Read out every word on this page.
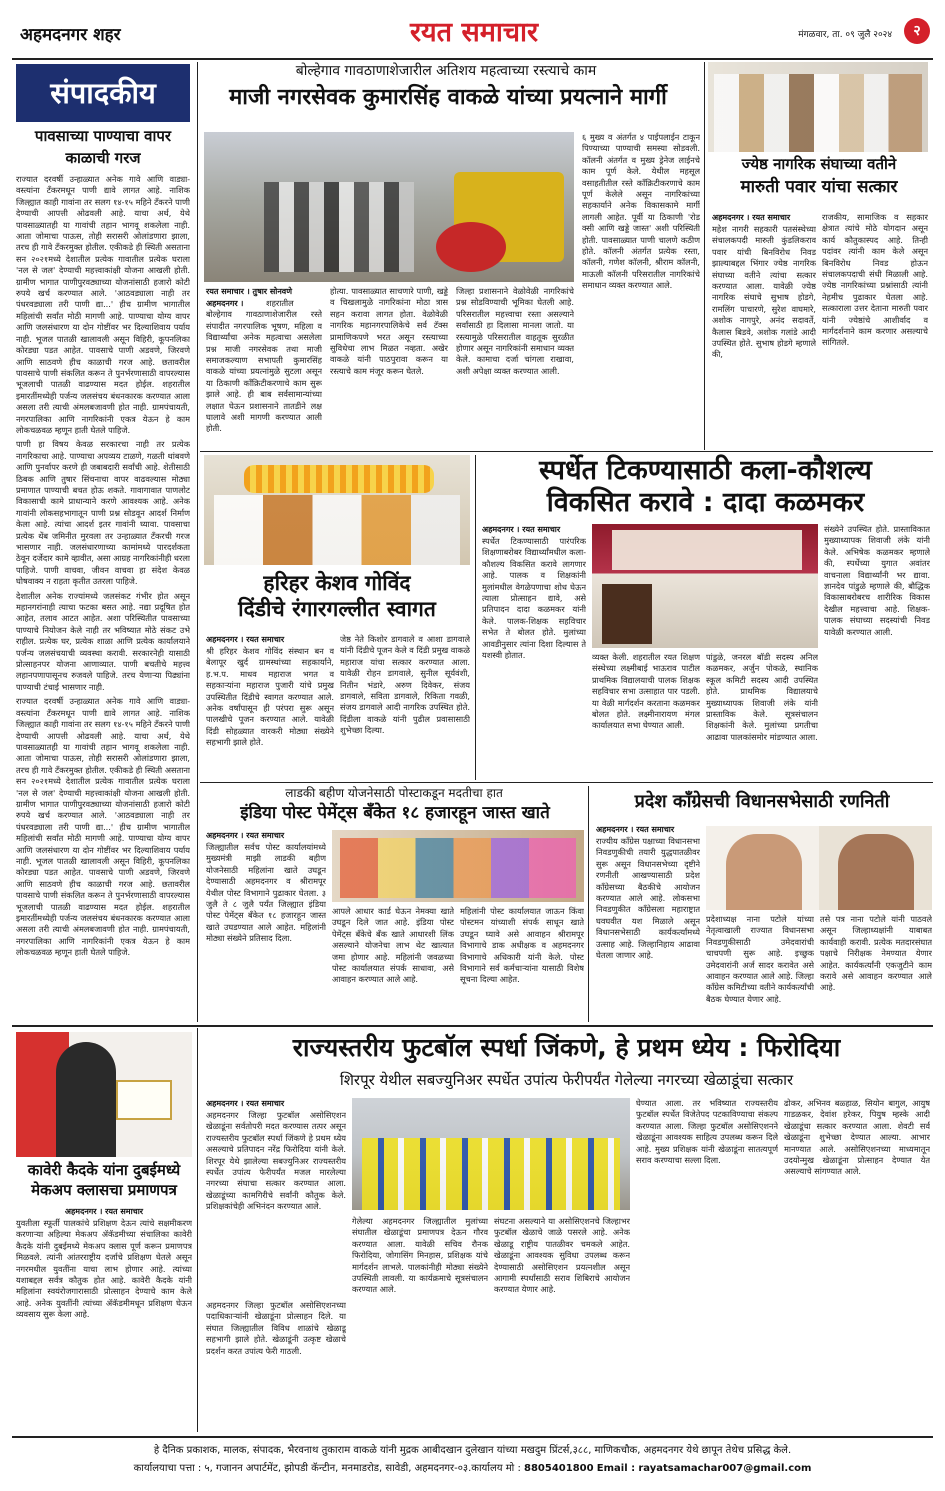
अहमदनगर शहर	रयत समाचार	मंगळवार, ता. ०९ जुलै २०२४	२
संपादकीय
पावसाच्या पाण्याचा वापर
काळाची गरज

राज्यात दरवर्षी उन्हाळ्यात अनेक गावे आणि वाड्या-वस्त्यांना टँकरमधून पाणी द्यावे लागत आहे. नाशिक जिल्ह्यात काही गावांना तर सलग १४-१५ महिने टँकरने पाणी देण्याची आपत्ती ओढवली आहे. याचा अर्थ, येथे पावसाळ्यातही या गावांची तहान भागवू शकलेला नाही. आता जोमाचा पाऊस, तोही सरासरी ओलांडणारा झाला, तरच ही गावे टँकरमुक्त होतील. एकीकडे ही स्थिती असताना सन २०२१मध्ये देशातील प्रत्येक गावातील प्रत्येक घराला 'नल से जल' देण्याची महत्त्वाकांक्षी योजना आखली होती. ग्रामीण भागात पाणीपुरवठ्याच्या योजनांसाठी हजारो कोटी रुपये खर्च करण्यात आले. 'आठवड्याला नाही तर पंधरवड्याला तरी पाणी द्या...' हीच ग्रामीण भागातील महिलांची सर्वांत मोठी मागणी आहे. पाण्याचा योग्य वापर आणि जलसंधारण या दोन गोष्टींवर भर दिल्याशिवाय पर्याय नाही. भूजल पातळी खालावली असून विहिरी, कूपनलिका कोरड्या पडत आहेत. पावसाचे पाणी अडवणे, जिरवणे आणि साठवणे हीच काळाची गरज आहे. छतावरील पावसाचे पाणी संकलित करून ते पुनर्भरणासाठी वापरल्यास भूजलाची पातळी वाढण्यास मदत होईल. शहरातील इमारतींमध्येही पर्जन्य जलसंचय बंधनकारक करण्यात आला असला तरी त्याची अंमलबजावणी होत नाही. ग्रामपंचायती, नगरपालिका आणि नागरिकांनी एकत्र येऊन हे काम लोकचळवळ म्हणून हाती घेतले पाहिजे.

पाणी हा विषय केवळ सरकारचा नाही तर प्रत्येक नागरिकाचा आहे. पाण्याचा अपव्यय टाळणे, गळती थांबवणे आणि पुनर्वापर करणे ही जबाबदारी सर्वांची आहे. शेतीसाठी ठिबक आणि तुषार सिंचनाचा वापर वाढवल्यास मोठ्या प्रमाणात पाण्याची बचत होऊ शकते. गावागावात पाणलोट विकासाची कामे प्राधान्याने करणे आवश्यक आहे. अनेक गावांनी लोकसहभागातून पाणी प्रश्न सोडवून आदर्श निर्माण केला आहे. त्यांचा आदर्श इतर गावांनी घ्यावा. पावसाचा प्रत्येक थेंब जमिनीत मुरवला तर उन्हाळ्यात टँकरची गरज भासणार नाही. जलसंधारणाच्या कामांमध्ये पारदर्शकता ठेवून दर्जेदार कामे व्हावीत, असा आग्रह नागरिकांनीही धरला पाहिजे. पाणी वाचवा, जीवन वाचवा हा संदेश केवळ घोषवाक्य न राहता कृतीत उतरला पाहिजे.

देशातील अनेक राज्यांमध्ये जलसंकट गंभीर होत असून महानगरांनाही त्याचा फटका बसत आहे. नद्या प्रदूषित होत आहेत, तलाव आटत आहेत. अशा परिस्थितीत पावसाच्या पाण्याचे नियोजन केले नाही तर भविष्यात मोठे संकट उभे राहील. प्रत्येक घर, प्रत्येक शाळा आणि प्रत्येक कार्यालयाने पर्जन्य जलसंचयाची व्यवस्था करावी. सरकारनेही यासाठी प्रोत्साहनपर योजना आणाव्यात. पाणी बचतीचे महत्त्व लहानपणापासूनच रुजवले पाहिजे. तरच येणाऱ्या पिढ्यांना पाण्याची टंचाई भासणार नाही.

राज्यात दरवर्षी उन्हाळ्यात अनेक गावे आणि वाड्या-वस्त्यांना टँकरमधून पाणी द्यावे लागत आहे. नाशिक जिल्ह्यात काही गावांना तर सलग १४-१५ महिने टँकरने पाणी देण्याची आपत्ती ओढवली आहे. याचा अर्थ, येथे पावसाळ्यातही या गावांची तहान भागवू शकलेला नाही. आता जोमाचा पाऊस, तोही सरासरी ओलांडणारा झाला, तरच ही गावे टँकरमुक्त होतील. एकीकडे ही स्थिती असताना सन २०२१मध्ये देशातील प्रत्येक गावातील प्रत्येक घराला 'नल से जल' देण्याची महत्त्वाकांक्षी योजना आखली होती. ग्रामीण भागात पाणीपुरवठ्याच्या योजनांसाठी हजारो कोटी रुपये खर्च करण्यात आले. 'आठवड्याला नाही तर पंधरवड्याला तरी पाणी द्या...' हीच ग्रामीण भागातील महिलांची सर्वांत मोठी मागणी आहे. पाण्याचा योग्य वापर आणि जलसंधारण या दोन गोष्टींवर भर दिल्याशिवाय पर्याय नाही. भूजल पातळी खालावली असून विहिरी, कूपनलिका कोरड्या पडत आहेत. पावसाचे पाणी अडवणे, जिरवणे आणि साठवणे हीच काळाची गरज आहे. छतावरील पावसाचे पाणी संकलित करून ते पुनर्भरणासाठी वापरल्यास भूजलाची पातळी वाढण्यास मदत होईल. शहरातील इमारतींमध्येही पर्जन्य जलसंचय बंधनकारक करण्यात आला असला तरी त्याची अंमलबजावणी होत नाही. ग्रामपंचायती, नगरपालिका आणि नागरिकांनी एकत्र येऊन हे काम लोकचळवळ म्हणून हाती घेतले पाहिजे.

बोल्हेगाव गावठाणाशेजारील अतिशय महत्वाच्या रस्त्याचे काम
माजी नगरसेवक कुमारसिंह वाकळे यांच्या प्रयत्नाने मार्गी
रयत समाचार । तुषार सोनवणे
अहमदनगर ।	शहरातील बोल्हेगाव गावठाणाशेजारील रस्ते संपादीत नगरपालिक भूषण, महिला व विद्यार्थ्यांचा अनेक महत्वाचा असलेला प्रश्न माजी नगरसेवक तथा माजी समाजकल्याण सभापती कुमारसिंह वाकळे यांच्या प्रयत्नांमुळे सुटला असून या ठिकाणी काँक्रिटीकरणाचे काम सुरू झाले आहे. ही बाब सर्वसामान्यांच्या लक्षात घेऊन प्रशासनाने तातडीने लक्ष घालावे अशी मागणी करण्यात आली होती.
होत्या. पावसाळ्यात साचणारे पाणी, खड्डे व चिखलामुळे नागरिकांना मोठा त्रास सहन करावा लागत होता. वेळोवेळी नागरिक महानगरपालिकेचे सर्व टॅक्स प्रामाणिकपणे भरत असून रस्त्याच्या सुविधेचा लाभ मिळत नव्हता. अखेर वाकळे यांनी पाठपुरावा करून या रस्त्याचे काम मंजूर करून घेतले.
जिल्हा प्रशासनाने वेळोवेळी नागरिकांचे प्रश्न सोडविण्याची भूमिका घेतली आहे. परिसरातील महत्त्वाचा रस्ता असल्याने सर्वांसाठी हा दिलासा मानला जातो. या रस्त्यामुळे परिसरातील वाहतूक सुरळीत होणार असून नागरिकांनी समाधान व्यक्त केले. कामाचा दर्जा चांगला राखावा, अशी अपेक्षा व्यक्त करण्यात आली.
६ मुख्य व अंतर्गत ४ पाईपलाईन टाकून पिण्याच्या पाण्याची समस्या सोडवली. कॉलनी अंतर्गत व मुख्य ड्रेनेज लाईनचे काम पूर्ण केले. येथील महसूल वसाहतीतील रस्ते काँक्रिटीकरणाचे काम पूर्ण केलेले असून नागरिकांच्या सहकार्याने अनेक विकासकामे मार्गी लागली आहेत. पूर्वी या ठिकाणी 'रोड क्सी आणि खड्डे जास्त' अशी परिस्थिती होती. पावसाळ्यात पाणी चालणे कठीण होते. कॉलनी अंतर्गत प्रत्येक रस्ता, कॉलनी, गणेश कॉलनी, श्रीराम कॉलनी, माऊली कॉलनी परिसरातील नागरिकांचे समाधान व्यक्त करण्यात आले.
ज्येष्ठ नागरिक संघाच्या वतीने
मारुती पवार यांचा सत्कार
अहमदनगर । रयत समाचार
महेश नागरी सहकारी पतसंस्थेच्या संचालकपदी मारुती कुंडलिकराव पवार यांची बिनविरोध निवड झाल्याबद्दल भिंगार ज्येष्ठ नागरिक संघाच्या वतीने त्यांचा सत्कार करण्यात आला. यावेळी ज्येष्ठ नागरिक संघाचे सुभाष होडगे, रामलिंग पाचारणे, सुरेश वाघमारे, अशोक नागपुरे, अनंद सदावर्ते, कैलास बिडवे, अशोक गलांडे आदी उपस्थित होते. सुभाष होडगे म्हणाले की,
राजकीय, सामाजिक व सहकार क्षेत्रात त्यांचे मोठे योगदान असून कार्य कौतुकास्पद आहे. तिन्ही पदांवर त्यांनी काम केले असून बिनविरोध निवड होऊन संचालकपदाची संधी मिळाली आहे. ज्येष्ठ नागरिकांच्या प्रश्नांसाठी त्यांनी नेहमीच पुढाकार घेतला आहे. सत्काराला उत्तर देताना मारुती पवार यांनी ज्येष्ठांचे आशीर्वाद व मार्गदर्शनाने काम करणार असल्याचे सांगितले.
हरिहर केशव गोविंद
दिंडीचे रंगारगल्लीत स्वागत
अहमदनगर । रयत समाचार
श्री हरिहर केशव गोविंद संस्थान बन व बेलापूर खुर्द ग्रामस्थांच्या सहकार्याने, ह.भ.प. माधव महाराज भगत व सहकाऱ्यांना महाराज पुजारी यांचे प्रमुख उपस्थितीत दिंडीचे स्वागत करण्यात आले. अनेक वर्षांपासून ही परंपरा सुरू असून पालखीचे पूजन करण्यात आले. यावेळी दिंडी सोहळ्यात वारकरी मोठ्या संख्येने सहभागी झाले होते.
जेष्ठ नेते किशोर डागवाले व आशा डागवाले यांनी दिंडीचे पूजन केले व दिंडी प्रमुख वाकळे महाराज यांचा सत्कार करण्यात आला. यावेळी रोहन डागवाले, सुनील सूर्यवंशी, नितीन भंडारे, अरुण दिवेकर, संजय डागवाले, सविता डागवाले, रिकिता गवळी, संजय डागवाले आदी नागरिक उपस्थित होते. दिंडीला वाकळे यांनी पुढील प्रवासासाठी शुभेच्छा दिल्या.
स्पर्धेत टिकण्यासाठी कला-कौशल्य
विकसित करावे : दादा कळमकर
अहमदनगर । रयत समाचार
स्पर्धेत टिकण्यासाठी पारंपरिक शिक्षणाबरोबर विद्यार्थ्यांमधील कला-कौशल्य विकसित करावे लागणार आहे. पालक व शिक्षकांनी मुलांमधील वेगळेपणाचा शोध घेऊन त्याला प्रोत्साहन द्यावे, असे प्रतिपादन दादा कळमकर यांनी केले. पालक-शिक्षक सहविचार सभेत ते बोलत होते. मुलांच्या आवडीनुसार त्यांना दिशा दिल्यास ते यशस्वी होतात.	व्यक्त केली. शहरातील रयत शिक्षण संस्थेच्या लक्ष्मीबाई भाऊराव पाटील प्राथमिक विद्यालयाची पालक शिक्षक सहविचार सभा उत्साहात पार पडली. या वेळी मार्गदर्शन करताना कळमकर बोलत होते. लक्ष्मीनारायण मंगल कार्यालयात सभा घेण्यात आली.
पांडुळे, जनरल बॉडी सदस्य अनिल कळमकर, अर्जुन पोकळे, स्थानिक स्कूल कमिटी सदस्य आदी उपस्थित होते. प्राथमिक विद्यालयाचे मुख्याध्यापक शिवाजी लंके यांनी प्रास्ताविक केले. सूत्रसंचालन शिक्षकांनी केले. मुलांच्या प्रगतीचा आढावा पालकांसमोर मांडण्यात आला.
संख्येने उपस्थित होते. प्रास्ताविकात मुख्याध्यापक शिवाजी लंके यांनी केले. अभिषेक कळमकर म्हणाले की, स्पर्धेच्या युगात अवांतर वाचनाला विद्यार्थ्यांनी भर द्यावा. ज्ञानदेव पांडुळे म्हणाले की, बौद्धिक विकासाबरोबरच शारीरिक विकास देखील महत्त्वाचा आहे. शिक्षक-पालक संघाच्या सदस्यांची निवड यावेळी करण्यात आली.
लाडकी बहीण योजनेसाठी पोस्टाकडून मदतीचा हात
इंडिया पोस्ट पेमेंट्स बँकेत १८ हजारहून जास्त खाते
अहमदनगर । रयत समाचार
जिल्ह्यातील सर्वच पोस्ट कार्यालयांमध्ये मुख्यमंत्री माझी लाडकी बहीण योजनेसाठी महिलांना खाते उघडून देण्यासाठी अहमदनगर व श्रीरामपूर येथील पोस्ट विभागाने पुढाकार घेतला. ३ जुलै ते ८ जुलै पर्यंत जिल्ह्यात इंडिया पोस्ट पेमेंट्स बँकेत १८ हजारहून जास्त खाते उघडण्यात आले आहेत. महिलांनी मोठ्या संख्येने प्रतिसाद दिला.
आपले आधार कार्ड घेऊन नेमक्या खाते उघडून दिले जात आहे. इंडिया पोस्ट पेमेंट्स बँकेचे बँक खाते आधारशी लिंक असल्याने योजनेचा लाभ थेट खात्यात जमा होणार आहे. महिलांनी जवळच्या पोस्ट कार्यालयात संपर्क साधावा, असे आवाहन करण्यात आले आहे.
महिलांनी पोस्ट कार्यालयात जाऊन किंवा पोस्टमन यांच्याशी संपर्क साधून खाते उघडून घ्यावे असे आवाहन श्रीरामपूर विभागाचे डाक अधीक्षक व अहमदनगर विभागाचे अधिकारी यांनी केले. पोस्ट विभागाने सर्व कर्मचाऱ्यांना यासाठी विशेष सूचना दिल्या आहेत.
प्रदेश काँग्रेसची विधानसभेसाठी रणनिती
अहमदनगर । रयत समाचार
राज्यीय काँग्रेस पक्षाच्या विधानसभा निवडणुकीची तयारी युद्धपातळीवर सुरू असून विधानसभेच्या दृष्टीने रणनीती आखण्यासाठी प्रदेश काँग्रेसच्या बैठकीचे आयोजन करण्यात आले आहे. लोकसभा निवडणुकीत काँग्रेसला महाराष्ट्रात घवघवीत यश मिळाले असून विधानसभेसाठी कार्यकर्त्यांमध्ये उत्साह आहे. जिल्हानिहाय आढावा घेतला जाणार आहे.
प्रदेशाध्यक्ष नाना पटोले यांच्या नेतृत्वाखाली राज्यात विधानसभा निवडणुकीसाठी उमेदवारांची चाचपणी सुरू आहे. इच्छुक उमेदवारांनी अर्ज सादर करावेत असे आवाहन करण्यात आले आहे. जिल्हा काँग्रेस कमिटीच्या वतीने कार्यकर्त्यांची बैठक घेण्यात येणार आहे.
तसे पत्र नाना पटोले यांनी पाठवले असून जिल्हाध्यक्षांनी याबाबत कार्यवाही करावी. प्रत्येक मतदारसंघात पक्षाचे निरीक्षक नेमण्यात येणार आहेत. कार्यकर्त्यांनी एकजुटीने काम करावे असे आवाहन करण्यात आले आहे.
कावेरी कैदके यांना दुबईमध्ये
मेकअप क्लासचा प्रमाणपत्र
अहमदनगर । रयत समाचार
युवतीला स्फूर्ती पालकांचे प्रशिक्षण देऊन त्यांचे सक्षमीकरण करणाऱ्या अहिल्या मेकअप ॲकॅडमीच्या संचालिका कावेरी कैदके यांनी दुबईमध्ये मेकअप क्लास पूर्ण करून प्रमाणपत्र मिळवले. त्यांनी आंतरराष्ट्रीय दर्जाचे प्रशिक्षण घेतले असून नगरमधील युवतींना याचा लाभ होणार आहे. त्यांच्या यशाबद्दल सर्वत्र कौतुक होत आहे. कावेरी कैदके यांनी महिलांना स्वयंरोजगारासाठी प्रोत्साहन देण्याचे काम केले आहे. अनेक युवतींनी त्यांच्या ॲकॅडमीमधून प्रशिक्षण घेऊन व्यवसाय सुरू केला आहे.
राज्यस्तरीय फुटबॉल स्पर्धा जिंकणे, हे प्रथम ध्येय : फिरोदिया
शिरपूर येथील सबज्युनिअर स्पर्धेत उपांत्य फेरीपर्यंत गेलेल्या नगरच्या खेळाडूंचा सत्कार
अहमदनगर । रयत समाचार
अहमदनगर जिल्हा फुटबॉल असोसिएशन खेळाडूंना सर्वतोपरी मदत करण्यास तत्पर असून राज्यस्तरीय फुटबॉल स्पर्धा जिंकणे हे प्रथम ध्येय असल्याचे प्रतिपादन नरेंद्र फिरोदिया यांनी केले. शिरपूर येथे झालेल्या सबज्युनिअर राज्यस्तरीय स्पर्धेत उपांत्य फेरीपर्यंत मजल मारलेल्या नगरच्या संघाचा सत्कार करण्यात आला. खेळाडूंच्या कामगिरीचे सर्वांनी कौतुक केले. प्रशिक्षकांचेही अभिनंदन करण्यात आले.
अहमदनगर जिल्हा फुटबॉल असोसिएशनच्या पदाधिकाऱ्यांनी खेळाडूंना प्रोत्साहन दिले. या संघात जिल्ह्यातील विविध शाळांचे खेळाडू सहभागी झाले होते. खेळाडूंनी उत्कृष्ट खेळाचे प्रदर्शन करत उपांत्य फेरी गाठली.
गेलेल्या अहमदनगर जिल्ह्यातील मुलांच्या संघातील खेळाडूंचा प्रमाणपत्र देऊन गौरव करण्यात आला. यावेळी सचिव रौनक फिरोदिया, जोगासिंग मिनहास, प्रशिक्षक यांचे मार्गदर्शन लाभले. पालकांनीही मोठ्या संख्येने उपस्थिती लावली. या कार्यक्रमाचे सूत्रसंचालन करण्यात आले.
संघटना असल्याने या असोसिएशनचे जिल्हाभर फुटबॉल खेळाचे जाळे पसरले आहे. अनेक खेळाडू राष्ट्रीय पातळीवर चमकले आहेत. खेळाडूंना आवश्यक सुविधा उपलब्ध करून देण्यासाठी असोसिएशन प्रयत्नशील असून आगामी स्पर्धांसाठी सराव शिबिराचे आयोजन करण्यात येणार आहे.
घेण्यात आला. तर भविष्यात राज्यस्तरीय फुटबॉल स्पर्धेत विजेतेपद पटकाविण्याचा संकल्प करण्यात आला. जिल्हा फुटबॉल असोसिएशनने खेळाडूंना आवश्यक साहित्य उपलब्ध करून दिले आहे. मुख्य प्रशिक्षक यांनी खेळाडूंना सातत्यपूर्ण सराव करण्याचा सल्ला दिला.
ढोकर, अभिनव बळ्हाळ, सियोन बागुल, आयुष गाडळकर, देवांश हरेकर, पियुष म्हस्के आदी खेळाडूंचा सत्कार करण्यात आला. शेवटी सर्व खेळाडूंना शुभेच्छा देण्यात आल्या. आभार मानण्यात आले. असोसिएशनच्या माध्यमातून उदयोन्मुख खेळाडूंना प्रोत्साहन देण्यात येत असल्याचे सांगण्यात आले.
हे दैनिक प्रकाशक, मालक, संपादक, भैरवनाथ तुकाराम वाकळे यांनी मुद्रक आबीदखान दुलेखान यांच्या मखदुम प्रिंटर्स,३८८, माणिकचौक, अहमदनगर येथे छापून तेथेच प्रसिद्ध केले.
कार्यालयाचा पत्ता : ५, गजानन अपार्टमेंट, झोपडी कॅन्टीन, मनमाडरोड, सावेडी, अहमदनगर-०३.कार्यालय मो : 8805401800 Email : rayatsamachar007@gmail.com
